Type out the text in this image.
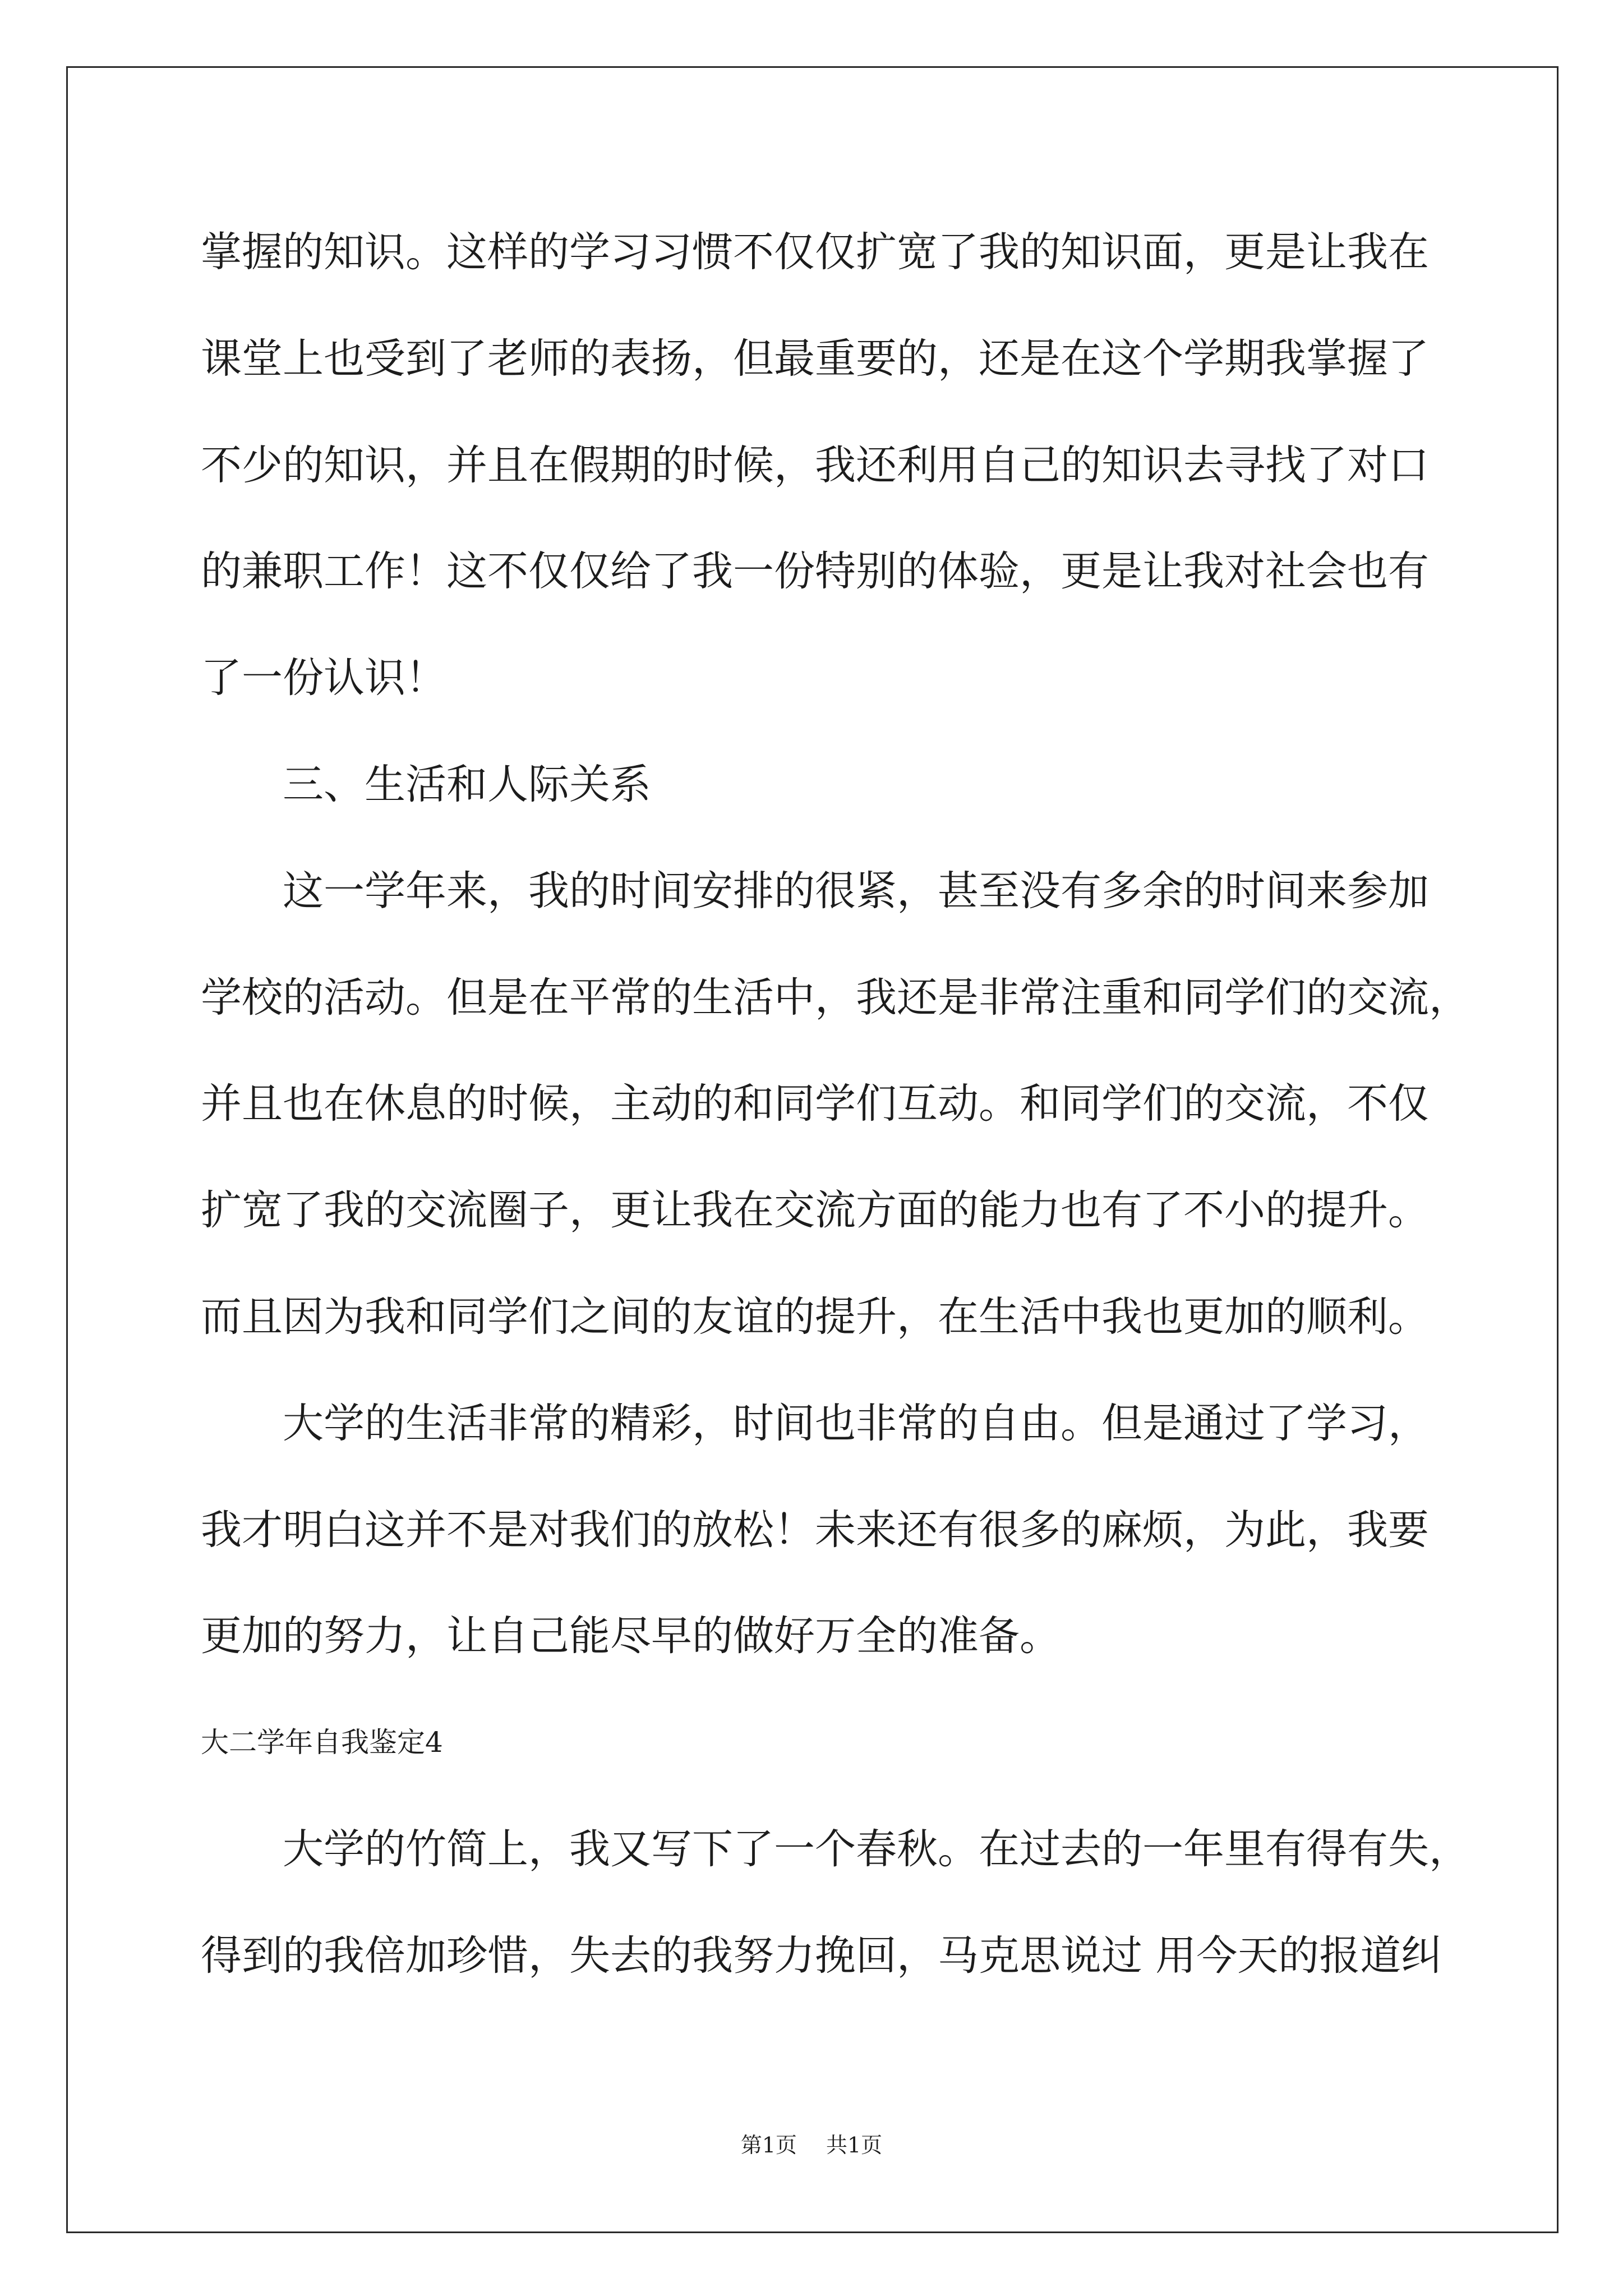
掌握的知识。这样的学习习惯不仅仅扩宽了我的知识面，更是让我在
课堂上也受到了老师的表扬，但最重要的，还是在这个学期我掌握了
不少的知识，并且在假期的时候，我还利用自己的知识去寻找了对口
的兼职工作！这不仅仅给了我一份特别的体验，更是让我对社会也有
了一份认识！
三、生活和人际关系
这一学年来，我的时间安排的很紧，甚至没有多余的时间来参加
学校的活动。但是在平常的生活中，我还是非常注重和同学们的交流，
并且也在休息的时候，主动的和同学们互动。和同学们的交流，不仅
扩宽了我的交流圈子，更让我在交流方面的能力也有了不小的提升。
而且因为我和同学们之间的友谊的提升，在生活中我也更加的顺利。
大学的生活非常的精彩，时间也非常的自由。但是通过了学习，
我才明白这并不是对我们的放松！未来还有很多的麻烦，为此，我要
更加的努力，让自己能尽早的做好万全的准备。
大二学年自我鉴定4
大学的竹简上，我又写下了一个春秋。在过去的一年里有得有失，
得到的我倍加珍惜，失去的我努力挽回，马克思说过 用今天的报道纠
第1页 共1页
